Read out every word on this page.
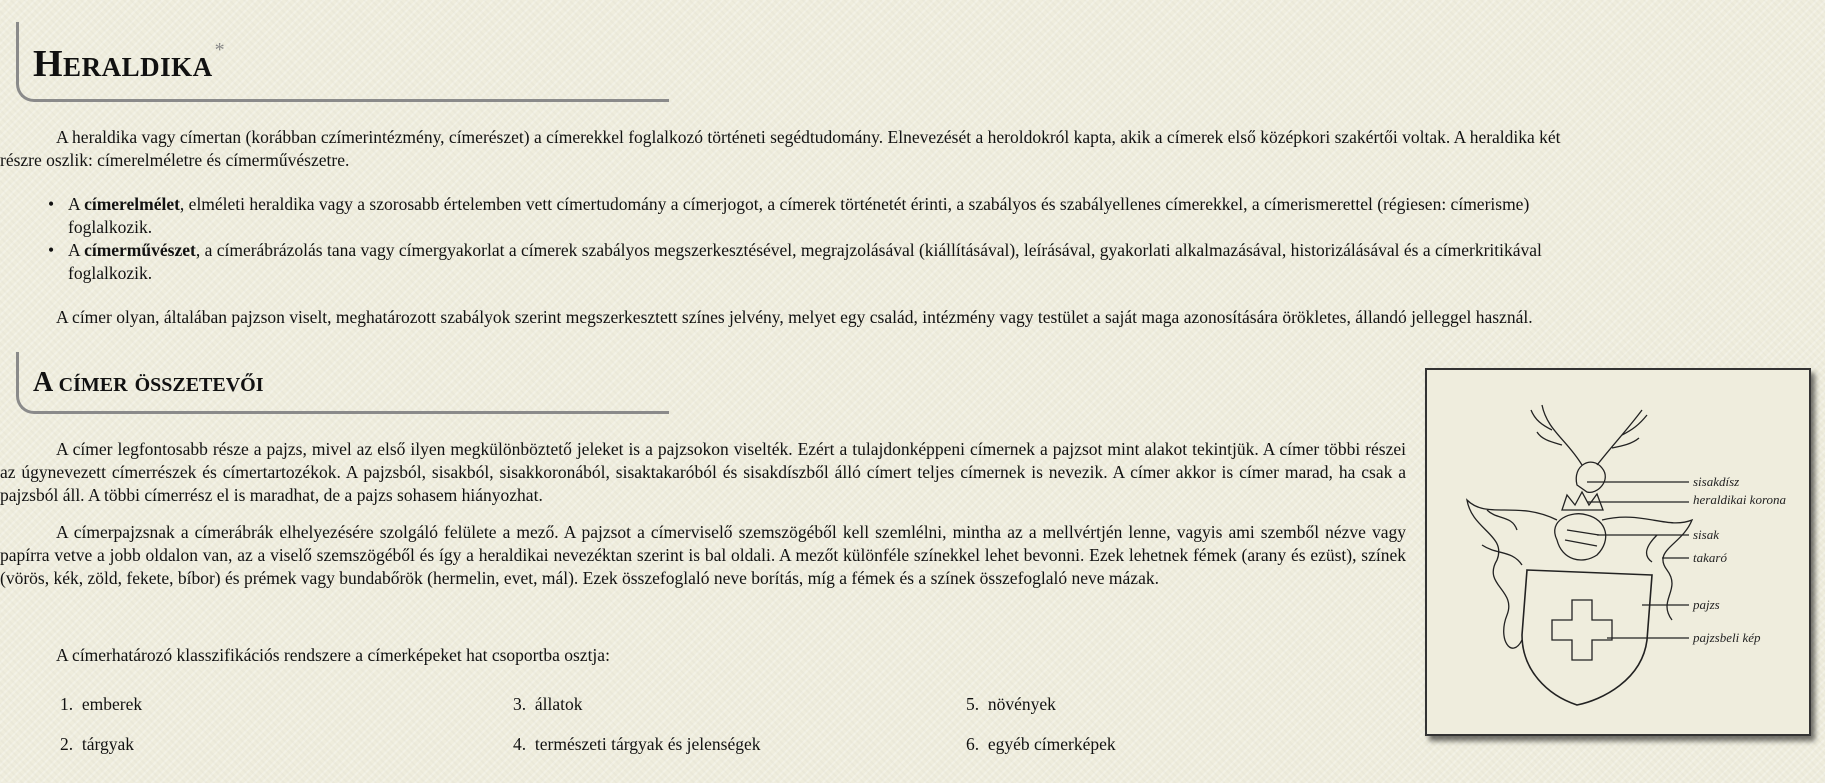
Heraldika *
A heraldika vagy címertan (korábban czímerintézmény, címerészet) a címerekkel foglalkozó történeti segédtudomány. Elnevezését a heroldokról kapta, akik a címerek első középkori szakértői voltak. A heraldika két
részre oszlik: címerelméletre és címerművészetre.
• A címerelmélet, elméleti heraldika vagy a szorosabb értelemben vett címertudomány a címerjogot, a címerek történetét érinti, a szabályos és szabályellenes címerekkel, a címerismerettel (régiesen: címerisme)
foglalkozik.
• A címerművészet, a címerábrázolás tana vagy címergyakorlat a címerek szabályos megszerkesztésével, megrajzolásával (kiállításával), leírásával, gyakorlati alkalmazásával, historizálásával és a címerkritikával
foglalkozik.
A címer olyan, általában pajzson viselt, meghatározott szabályok szerint megszerkesztett színes jelvény, melyet egy család, intézmény vagy testület a saját maga azonosítására örökletes, állandó jelleggel használ.
A címer összetevői

A címer legfontosabb része a pajzs, mivel az első ilyen megkülönböztető jeleket is a pajzsokon viselték. Ezért a tulajdonképpeni címernek a pajzsot mint alakot tekintjük. A címer többi részei az úgynevezett címerrészek és címertartozékok. A pajzsból, sisakból, sisakkoronából, sisaktakaróból és sisakdíszből álló címert teljes címernek is nevezik. A címer akkor is címer marad, ha csak a pajzsból áll. A többi címerrész el is maradhat, de a pajzs sohasem hiányozhat.

A címerpajzsnak a címerábrák elhelyezésére szolgáló felülete a mező. A pajzsot a címerviselő szemszögéből kell szemlélni, mintha az a mellvértjén lenne, vagyis ami szemből nézve vagy papírra vetve a jobb oldalon van, az a viselő szemszögéből és így a heraldikai nevezéktan szerint is bal oldali. A mezőt különféle színekkel lehet bevonni. Ezek lehetnek fémek (arany és ezüst), színek (vörös, kék, zöld, fekete, bíbor) és prémek vagy bundabőrök (hermelin, evet, mál). Ezek összefoglaló neve borítás, míg a fémek és a színek összefoglaló neve mázak.

A címerhatározó klasszifikációs rendszere a címerképeket hat csoportba osztja:
1. emberek
2. tárgyak
3. állatok
4. természeti tárgyak és jelenségek
5. növények
6. egyéb címerképek
sisakdísz
heraldikai korona
sisak
takaró
pajzs
pajzsbeli kép
